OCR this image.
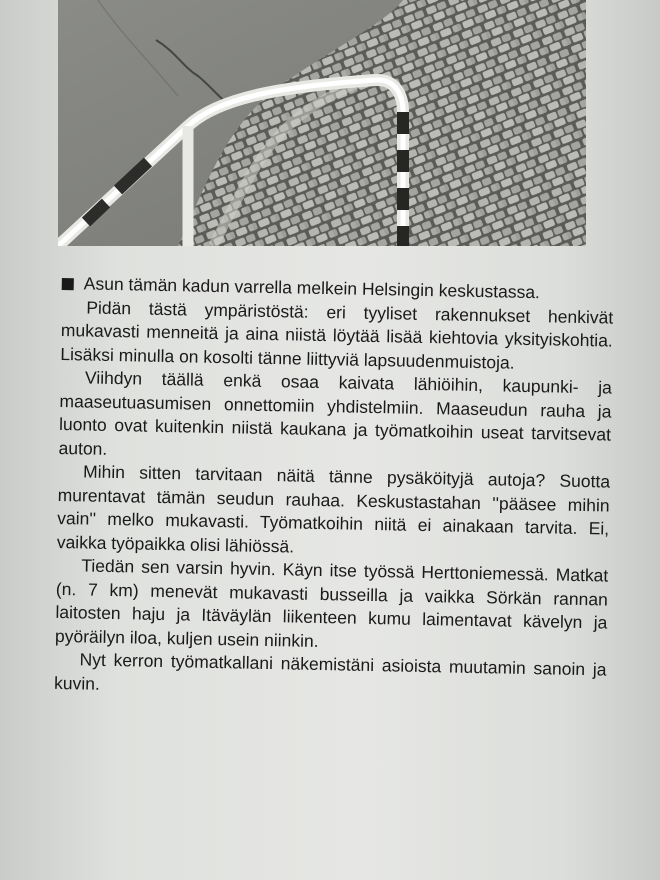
Asun tämän kadun varrella melkein Helsingin keskustassa.

Pidän tästä ympäristöstä: eri tyyliset rakennukset henkivät mukavasti menneitä ja aina niistä löytää lisää kiehtovia yksityiskohtia. Lisäksi minulla on kosolti tänne liittyviä lapsuudenmuistoja.

Viihdyn täällä enkä osaa kaivata lähiöihin, kaupunki- ja maaseutuasumisen onnettomiin yhdistelmiin. Maaseudun rauha ja luonto ovat kuitenkin niistä kaukana ja työmatkoihin useat tarvitsevat auton.

Mihin sitten tarvitaan näitä tänne pysäköityjä autoja? Suotta murentavat tämän seudun rauhaa. Keskustastahan ''pääsee mihin vain'' melko mukavasti. Työmatkoihin niitä ei ainakaan tarvita. Ei, vaikka työpaikka olisi lähiössä.

Tiedän sen varsin hyvin. Käyn itse työssä Herttoniemessä. Matkat (n. 7 km) menevät mukavasti busseilla ja vaikka Sörkän rannan laitosten haju ja Itäväylän liikenteen kumu laimentavat kävelyn ja pyöräilyn iloa, kuljen usein niinkin.

Nyt kerron työmatkallani näkemistäni asioista muutamin sanoin ja kuvin.
